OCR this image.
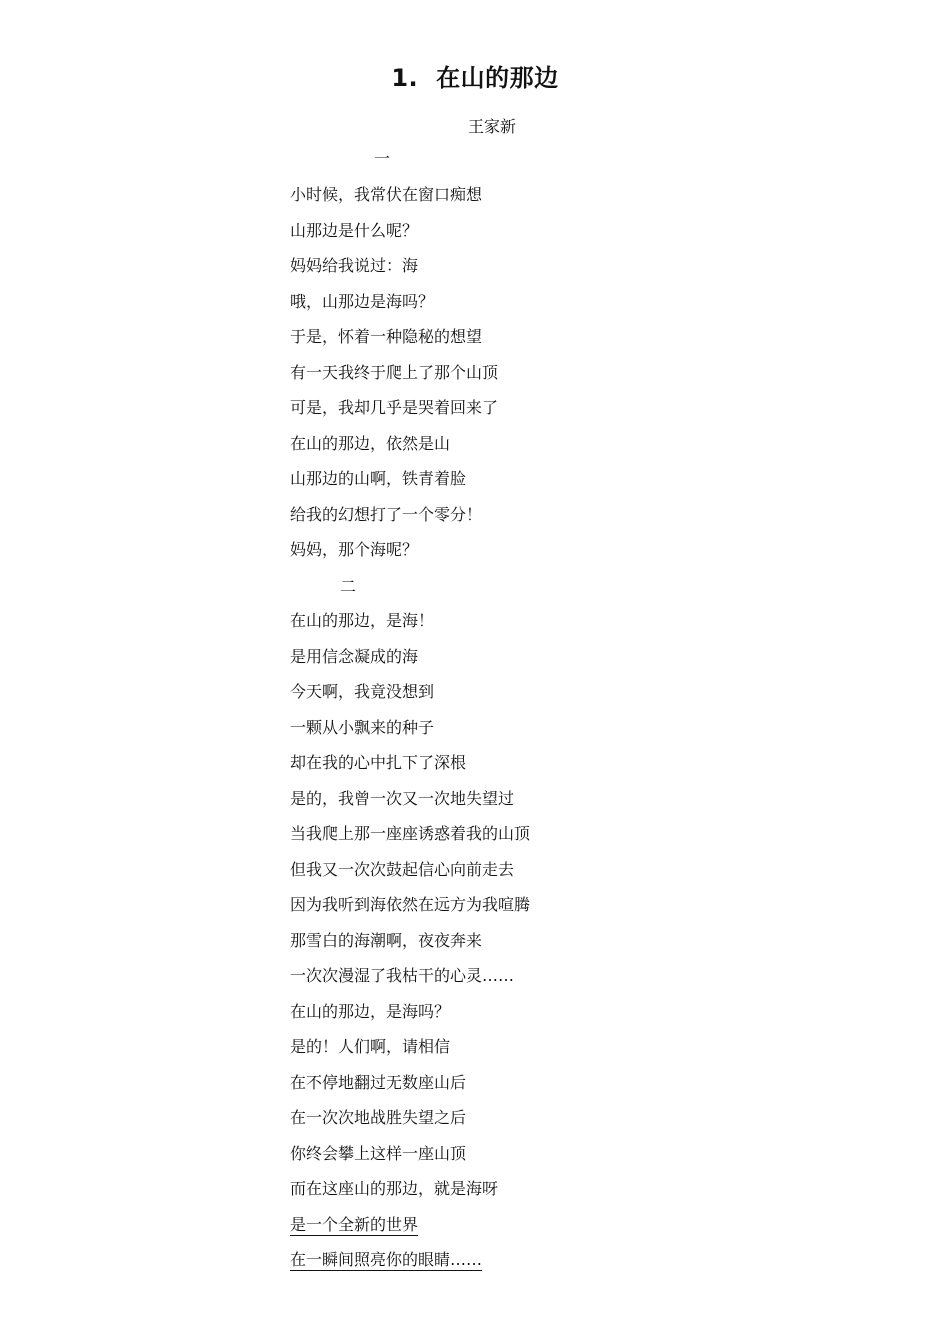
1. 在山的那边
王家新
一
小时候，我常伏在窗口痴想
山那边是什么呢？
妈妈给我说过：海
哦，山那边是海吗？
于是，怀着一种隐秘的想望
有一天我终于爬上了那个山顶
可是，我却几乎是哭着回来了
在山的那边，依然是山
山那边的山啊，铁青着脸
给我的幻想打了一个零分！
妈妈，那个海呢？
二
在山的那边，是海！
是用信念凝成的海
今天啊，我竟没想到
一颗从小飘来的种子
却在我的心中扎下了深根
是的，我曾一次又一次地失望过
当我爬上那一座座诱惑着我的山顶
但我又一次次鼓起信心向前走去
因为我听到海依然在远方为我喧腾
那雪白的海潮啊，夜夜奔来
一次次漫湿了我枯干的心灵……
在山的那边，是海吗？
是的！人们啊，请相信
在不停地翻过无数座山后
在一次次地战胜失望之后
你终会攀上这样一座山顶
而在这座山的那边，就是海呀
是一个全新的世界
在一瞬间照亮你的眼睛……
